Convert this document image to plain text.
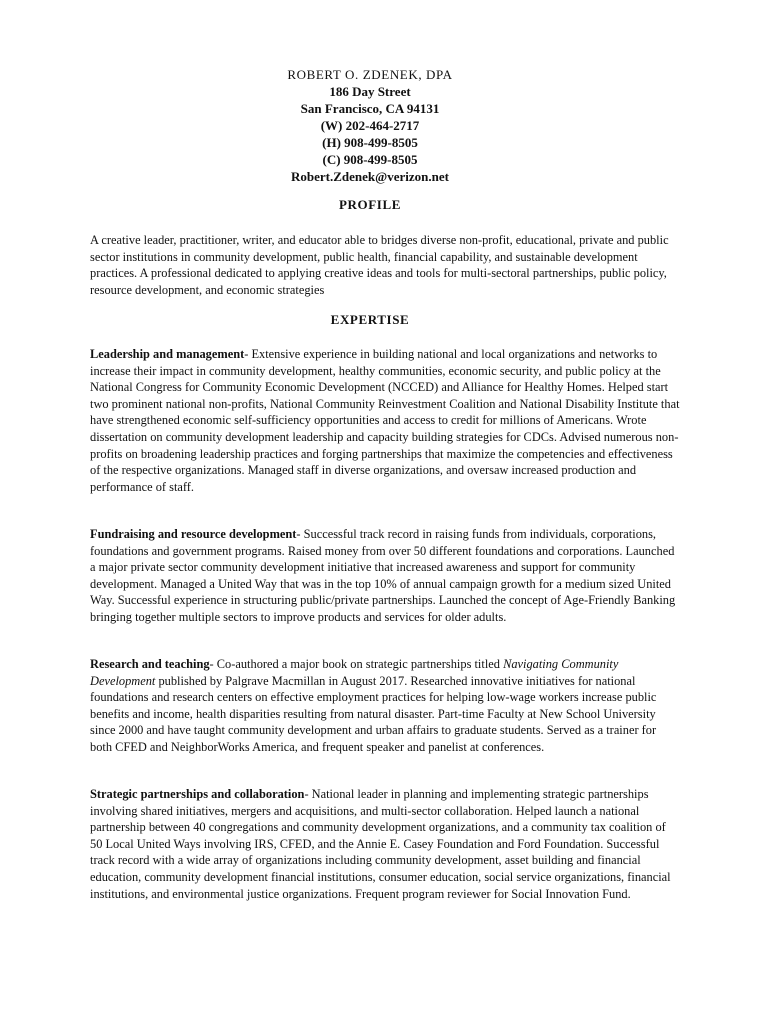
ROBERT O. ZDENEK, DPA
186 Day Street
San Francisco, CA 94131
(W) 202-464-2717
(H) 908-499-8505
(C) 908-499-8505
Robert.Zdenek@verizon.net
PROFILE
A creative leader, practitioner, writer, and educator able to bridges diverse non-profit, educational, private and public sector institutions in community development, public health, financial capability, and sustainable development practices. A professional dedicated to applying creative ideas and tools for multi-sectoral partnerships, public policy, resource development, and economic strategies
EXPERTISE
Leadership and management- Extensive experience in building national and local organizations and networks to increase their impact in community development, healthy communities, economic security, and public policy at the National Congress for Community Economic Development (NCCED) and Alliance for Healthy Homes. Helped start two prominent national non-profits, National Community Reinvestment Coalition and National Disability Institute that have strengthened economic self-sufficiency opportunities and access to credit for millions of Americans. Wrote dissertation on community development leadership and capacity building strategies for CDCs. Advised numerous non-profits on broadening leadership practices and forging partnerships that maximize the competencies and effectiveness of the respective organizations. Managed staff in diverse organizations, and oversaw increased production and performance of staff.
Fundraising and resource development- Successful track record in raising funds from individuals, corporations, foundations and government programs. Raised money from over 50 different foundations and corporations. Launched a major private sector community development initiative that increased awareness and support for community development. Managed a United Way that was in the top 10% of annual campaign growth for a medium sized United Way. Successful experience in structuring public/private partnerships. Launched the concept of Age-Friendly Banking bringing together multiple sectors to improve products and services for older adults.
Research and teaching- Co-authored a major book on strategic partnerships titled Navigating Community Development published by Palgrave Macmillan in August 2017. Researched innovative initiatives for national foundations and research centers on effective employment practices for helping low-wage workers increase public benefits and income, health disparities resulting from natural disaster. Part-time Faculty at New School University since 2000 and have taught community development and urban affairs to graduate students. Served as a trainer for both CFED and NeighborWorks America, and frequent speaker and panelist at conferences.
Strategic partnerships and collaboration- National leader in planning and implementing strategic partnerships involving shared initiatives, mergers and acquisitions, and multi-sector collaboration. Helped launch a national partnership between 40 congregations and community development organizations, and a community tax coalition of 50 Local United Ways involving IRS, CFED, and the Annie E. Casey Foundation and Ford Foundation. Successful track record with a wide array of organizations including community development, asset building and financial education, community development financial institutions, consumer education, social service organizations, financial institutions, and environmental justice organizations. Frequent program reviewer for Social Innovation Fund.
